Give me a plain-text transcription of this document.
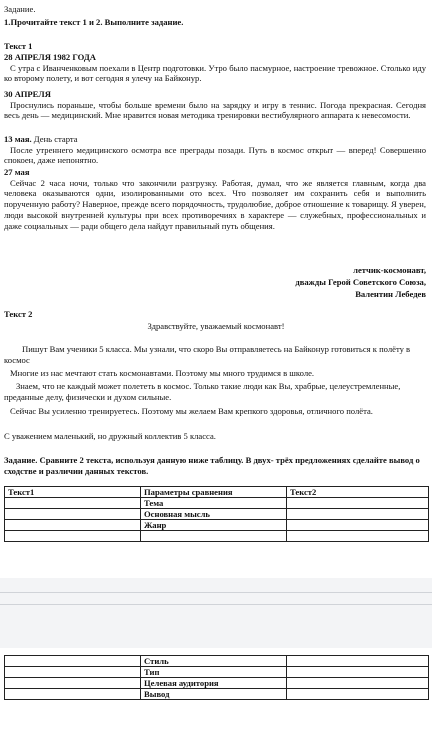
Задание.
1.Прочитайте текст 1 и 2. Выполните задание.
Текст 1
28 АПРЕЛЯ 1982 ГОДА
С утра с Иванченковым поехали в Центр подготовки. Утро было пасмурное, настроение тревожное. Столько иду ко второму полету, и вот сегодня я улечу на Байконур.
30 АПРЕЛЯ
Проснулись пораньше, чтобы больше времени было на зарядку и игру в теннис. Погода прекрасная. Сегодня весь день — медицинский. Мне нравится новая методика тренировки вестибулярного аппарата к невесомости.
13 мая. День старта
После утреннего медицинского осмотра все преграды позади. Путь в космос открыт — вперед! Совершенно спокоен, даже непонятно.
27 мая
Сейчас 2 часа ночи, только что закончили разгрузку. Работая, думал, что же является главным, когда два человека оказываются одни, изолированными ото всех. Что позволяет им сохранить себя и выполнить порученную работу? Наверное, прежде всего порядочность, трудолюбие, доброе отношение к товарищу. Я уверен, люди высокой внутренней культуры при всех противоречиях в характере — служебных, профессиональных и даже социальных — ради общего дела найдут правильный путь общения.
летчик-космонавт,
дважды Герой Советского Союза,
Валентин Лебедев
Текст 2
Здравствуйте, уважаемый космонавт!
Пишут Вам ученики 5 класса. Мы узнали, что скоро Вы отправляетесь на Байконур готовиться к полёту в космос
Многие из нас мечтают стать космонавтами. Поэтому мы много трудимся в школе.
Знаем, что не каждый может полететь в космос. Только такие люди как Вы, храбрые, целеустремленные, преданные делу, физически и духом сильные.
Сейчас Вы усиленно тренируетесь. Поэтому мы желаем Вам крепкого здоровья, отличного полёта.
С уважением маленький, но дружный коллектив 5 класса.
Задание. Сравните 2 текста, используя данную ниже таблицу. В двух- трёх предложениях сделайте вывод о сходстве и различии данных текстов.
Текст1	Параметры сравнения	Текст2
	Тема	
	Основная мысль	
	Жанр	

	Стиль	
	Тип	
	Целевая аудитория	
	Вывод	
